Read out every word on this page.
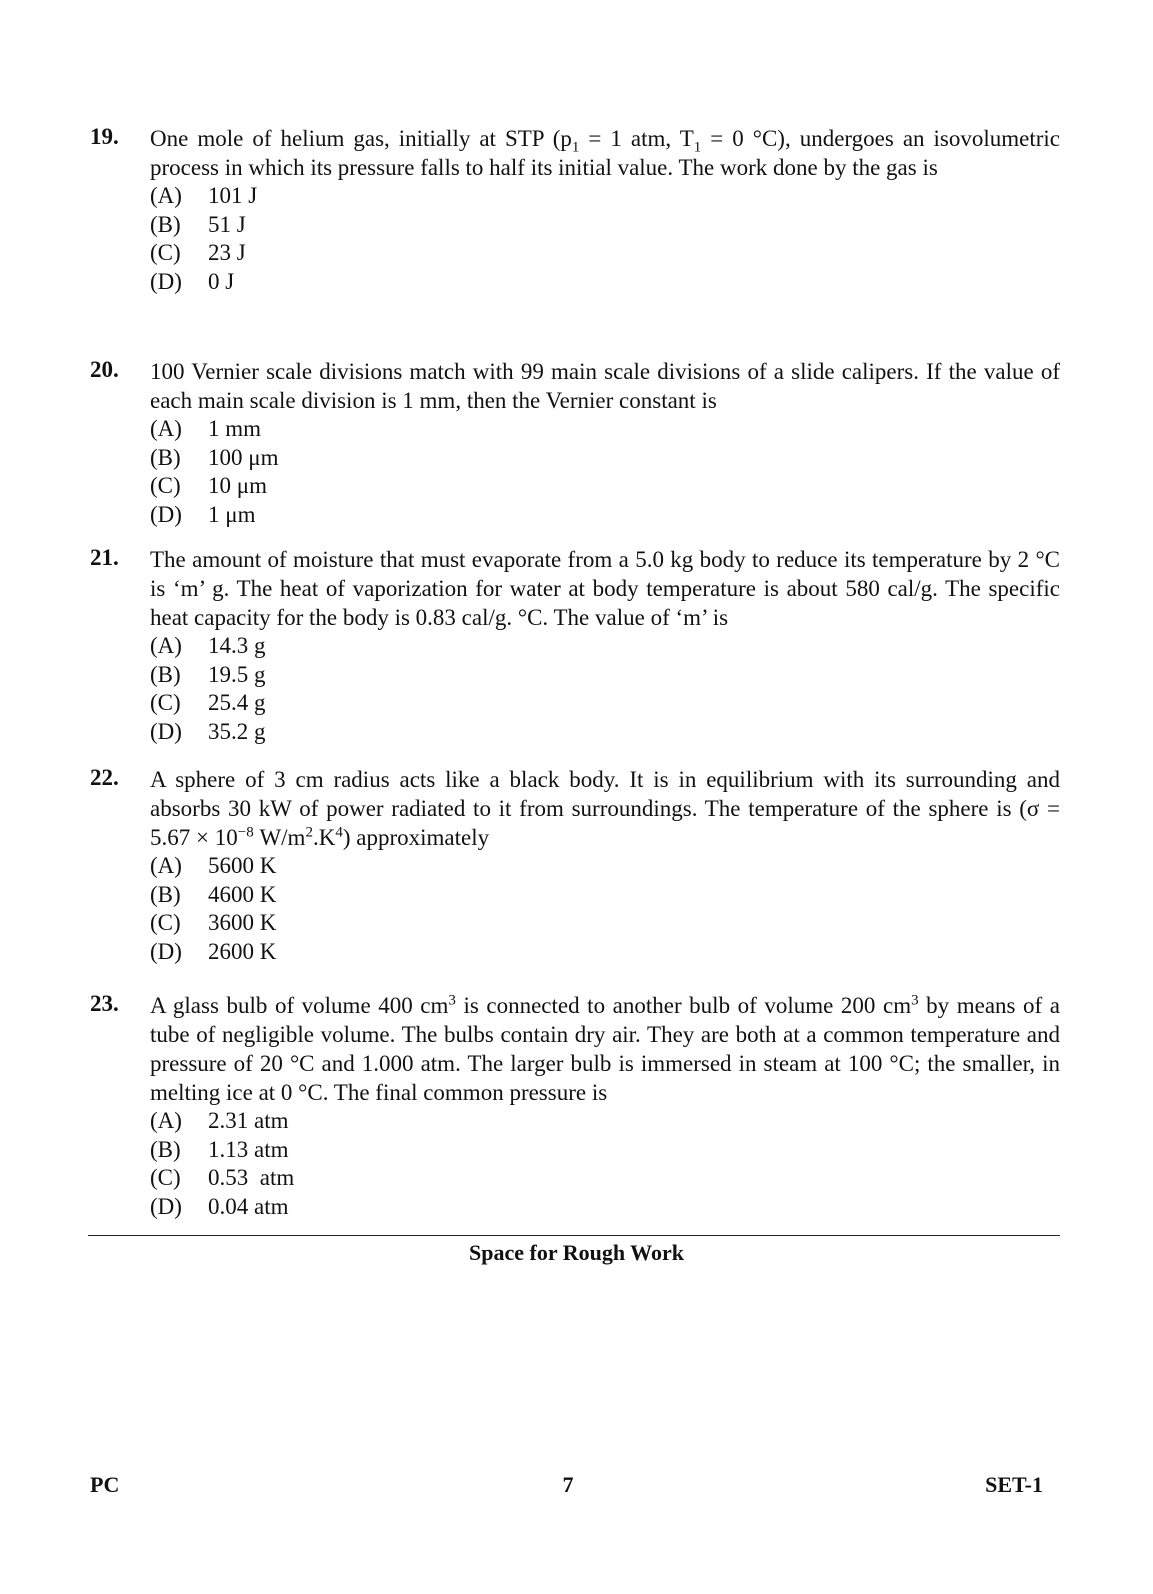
19. One mole of helium gas, initially at STP ($p_1 = 1$ atm, $T_1 = 0$ °C), undergoes an isovolumetric process in which its pressure falls to half its initial value. The work done by the gas is

(A) 101 J
(B) 51 J
(C) 23 J
(D) 0 J
20. 100 Vernier scale divisions match with 99 main scale divisions of a slide calipers. If the value of each main scale division is 1 mm, then the Vernier constant is

(A) 1 mm
(B) 100 μm
(C) 10 μm
(D) 1 μm
21. The amount of moisture that must evaporate from a 5.0 kg body to reduce its temperature by 2 °C is ‘m’ g. The heat of vaporization for water at body temperature is about 580 cal/g. The specific heat capacity for the body is 0.83 cal/g. °C. The value of ‘m’ is

(A) 14.3 g
(B) 19.5 g
(C) 25.4 g
(D) 35.2 g
22. A sphere of 3 cm radius acts like a black body. It is in equilibrium with its surrounding and absorbs 30 kW of power radiated to it from surroundings. The temperature of the sphere is ($\sigma = 5.67 \times 10^{-8}$ $W/m^2.K^4$) approximately

(A) 5600 K
(B) 4600 K
(C) 3600 K
(D) 2600 K
23. A glass bulb of volume 400 $cm^3$ is connected to another bulb of volume 200 $cm^3$ by means of a tube of negligible volume. The bulbs contain dry air. They are both at a common temperature and pressure of 20 °C and 1.000 atm. The larger bulb is immersed in steam at 100 °C; the smaller, in melting ice at 0 °C. The final common pressure is

(A) 2.31 atm
(B) 1.13 atm
(C) 0.53  atm
(D) 0.04 atm
Space for Rough Work
PC	7	SET-1
